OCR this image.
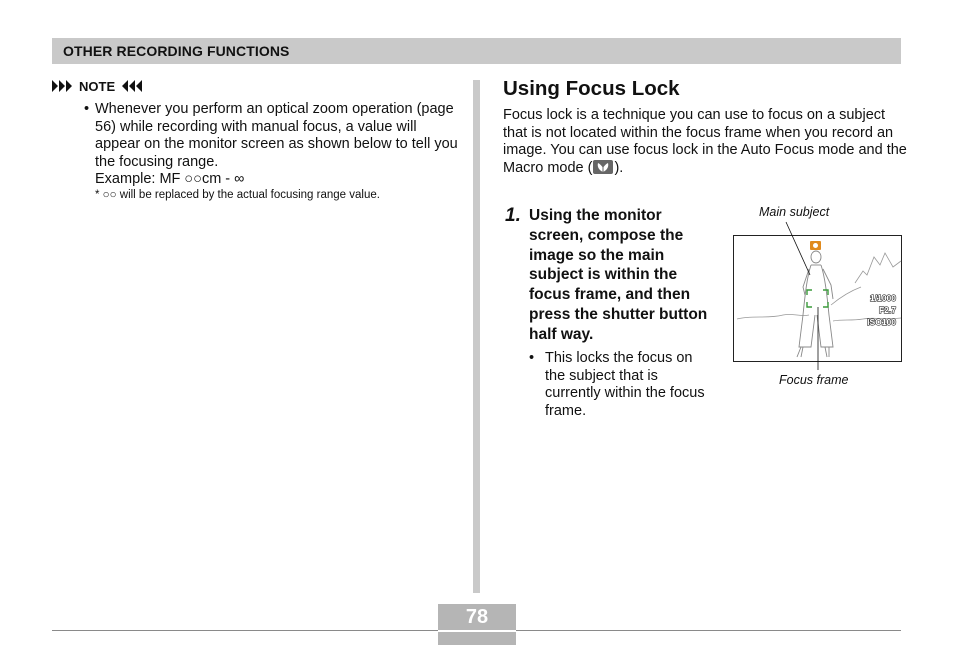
OTHER RECORDING FUNCTIONS
NOTE
• Whenever you perform an optical zoom operation (page 56) while recording with manual focus, a value will appear on the monitor screen as shown below to tell you the focusing range.
Example: MF ○○cm - ∞
* ○○ will be replaced by the actual focusing range value.
Using Focus Lock
Focus lock is a technique you can use to focus on a subject that is not located within the focus frame when you record an image. You can use focus lock in the Auto Focus mode and the Macro mode ( ).
1. Using the monitor screen, compose the image so the main subject is within the focus frame, and then press the shutter button half way.
• This locks the focus on the subject that is currently within the focus frame.
Main subject
Focus frame
1/1000
F2.7
ISO100
78
